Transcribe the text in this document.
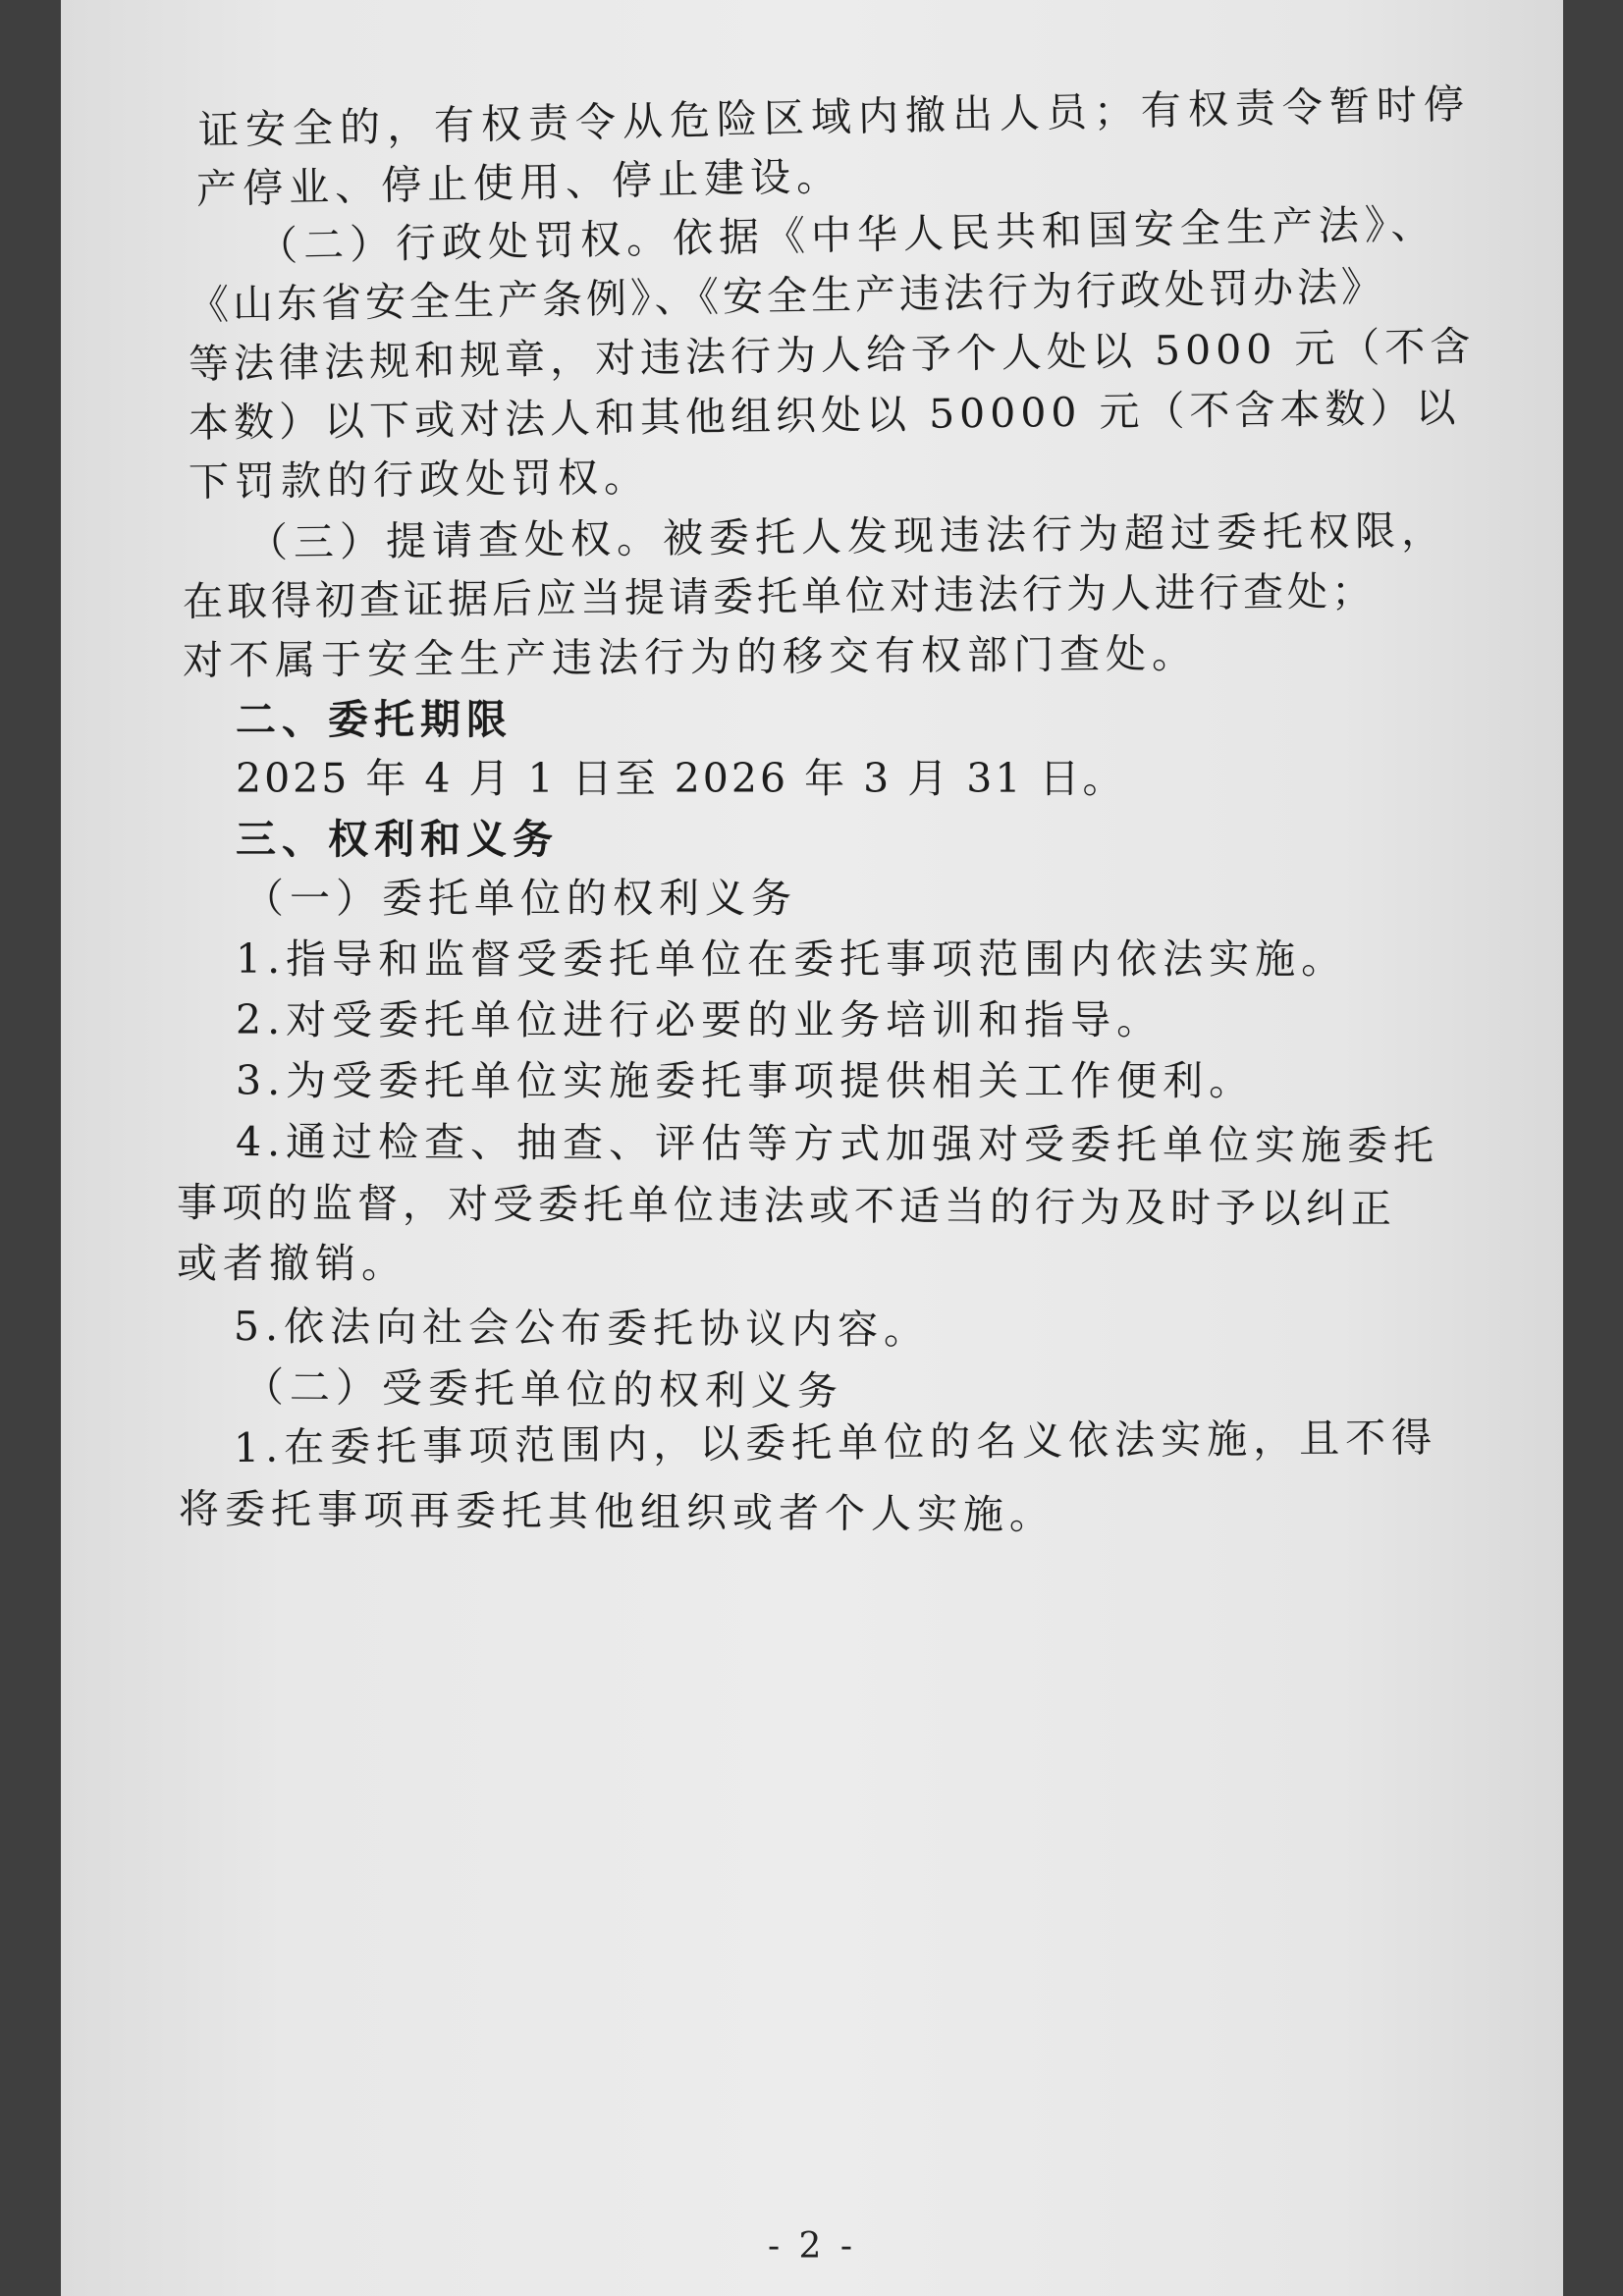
证安全的，有权责令从危险区域内撤出人员；有权责令暂时停
产停业、停止使用、停止建设。
（二）行政处罚权。依据《中华人民共和国安全生产法》、
《山东省安全生产条例》、《安全生产违法行为行政处罚办法》
等法律法规和规章，对违法行为人给予个人处以 5000 元（不含
本数）以下或对法人和其他组织处以 50000 元（不含本数）以
下罚款的行政处罚权。
（三）提请查处权。被委托人发现违法行为超过委托权限，
在取得初查证据后应当提请委托单位对违法行为人进行查处；
对不属于安全生产违法行为的移交有权部门查处。
二、委托期限
2025 年 4 月 1 日至 2026 年 3 月 31 日。
三、权利和义务
（一）委托单位的权利义务
1.指导和监督受委托单位在委托事项范围内依法实施。
2.对受委托单位进行必要的业务培训和指导。
3.为受委托单位实施委托事项提供相关工作便利。
4.通过检查、抽查、评估等方式加强对受委托单位实施委托
事项的监督，对受委托单位违法或不适当的行为及时予以纠正
或者撤销。
5.依法向社会公布委托协议内容。
（二）受委托单位的权利义务
1.在委托事项范围内，以委托单位的名义依法实施，且不得
将委托事项再委托其他组织或者个人实施。
- 2 -
